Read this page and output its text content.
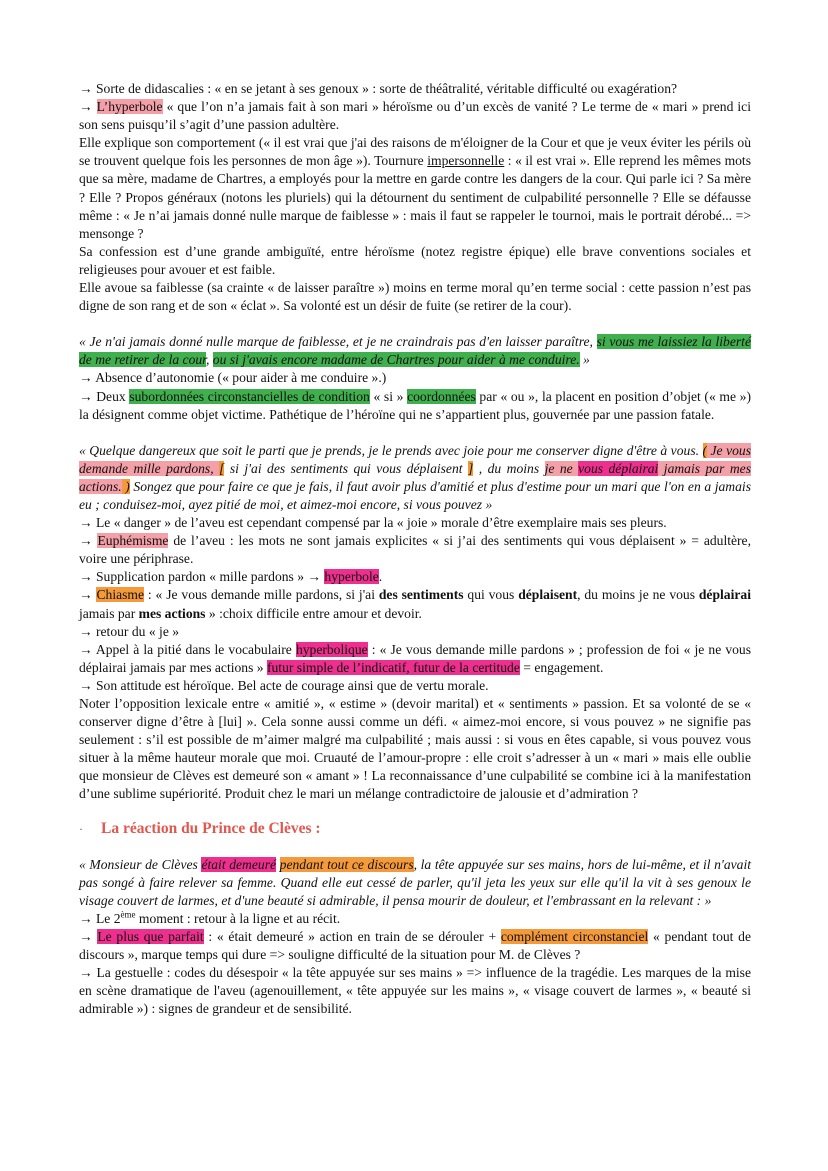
→ Sorte de didascalies : « en se jetant à ses genoux » : sorte de théâtralité, véritable difficulté ou exagération?

→ L’hyperbole « que l’on n’a jamais fait à son mari » héroïsme ou d’un excès de vanité ? Le terme de « mari » prend ici son sens puisqu’il s’agit d’une passion adultère.

Elle explique son comportement (« il est vrai que j'ai des raisons de m'éloigner de la Cour et que je veux éviter les périls où se trouvent quelque fois les personnes de mon âge »). Tournure impersonnelle : « il est vrai ». Elle reprend les mêmes mots que sa mère, madame de Chartres, a employés pour la mettre en garde contre les dangers de la cour. Qui parle ici ? Sa mère ? Elle ? Propos généraux (notons les pluriels) qui la détournent du sentiment de culpabilité personnelle ? Elle se défausse même : « Je n’ai jamais donné nulle marque de faiblesse » : mais il faut se rappeler le tournoi, mais le portrait dérobé... => mensonge ?

Sa confession est d’une grande ambiguïté, entre héroïsme (notez registre épique) elle brave conventions sociales et religieuses pour avouer et est faible.

Elle avoue sa faiblesse (sa crainte « de laisser paraître ») moins en terme moral qu’en terme social : cette passion n’est pas digne de son rang et de son « éclat ». Sa volonté est un désir de fuite (se retirer de la cour).

« Je n'ai jamais donné nulle marque de faiblesse, et je ne craindrais pas d'en laisser paraître, si vous me laissiez la liberté de me retirer de la cour, ou si j'avais encore madame de Chartres pour aider à me conduire. »

→ Absence d’autonomie (« pour aider à me conduire ».)

→ Deux subordonnées circonstancielles de condition « si » coordonnées par « ou », la placent en position d’objet (« me ») la désignent comme objet victime. Pathétique de l’héroïne qui ne s’appartient plus, gouvernée par une passion fatale.

« Quelque dangereux que soit le parti que je prends, je le prends avec joie pour me conserver digne d'être à vous. ( Je vous demande mille pardons, [ si j'ai des sentiments qui vous déplaisent ] , du moins je ne vous déplairai jamais par mes actions. ) Songez que pour faire ce que je fais, il faut avoir plus d'amitié et plus d'estime pour un mari que l'on en a jamais eu ; conduisez-moi, ayez pitié de moi, et aimez-moi encore, si vous pouvez »

→ Le « danger » de l’aveu est cependant compensé par la « joie » morale d’être exemplaire mais ses pleurs.

→ Euphémisme de l’aveu : les mots ne sont jamais explicites « si j’ai des sentiments qui vous déplaisent » = adultère, voire une périphrase.

→ Supplication pardon « mille pardons » → hyperbole.

→ Chiasme : « Je vous demande mille pardons, si j'ai des sentiments qui vous déplaisent, du moins je ne vous déplairai jamais par mes actions » :choix difficile entre amour et devoir.

→ retour du « je »

→ Appel à la pitié dans le vocabulaire hyperbolique : « Je vous demande mille pardons » ; profession de foi « je ne vous déplairai jamais par mes actions » futur simple de l’indicatif, futur de la certitude = engagement.

→ Son attitude est héroïque. Bel acte de courage ainsi que de vertu morale.

Noter l’opposition lexicale entre « amitié », « estime » (devoir marital) et « sentiments » passion. Et sa volonté de se « conserver digne d’être à [lui] ». Cela sonne aussi comme un défi. « aimez-moi encore, si vous pouvez » ne signifie pas seulement : s’il est possible de m’aimer malgré ma culpabilité ; mais aussi : si vous en êtes capable, si vous pouvez vous situer à la même hauteur morale que moi. Cruauté de l’amour-propre : elle croit s’adresser à un « mari » mais elle oublie que monsieur de Clèves est demeuré son « amant » ! La reconnaissance d’une culpabilité se combine ici à la manifestation d’une sublime supériorité. Produit chez le mari un mélange contradictoire de jalousie et d’admiration ?

· La réaction du Prince de Clèves :

« Monsieur de Clèves était demeuré pendant tout ce discours, la tête appuyée sur ses mains, hors de lui-même, et il n'avait pas songé à faire relever sa femme. Quand elle eut cessé de parler, qu'il jeta les yeux sur elle qu'il la vit à ses genoux le visage couvert de larmes, et d'une beauté si admirable, il pensa mourir de douleur, et l'embrassant en la relevant : »

→ Le 2ème moment : retour à la ligne et au récit.

→ Le plus que parfait : « était demeuré » action en train de se dérouler + complément circonstanciel « pendant tout de discours », marque temps qui dure => souligne difficulté de la situation pour M. de Clèves ?

→ La gestuelle : codes du désespoir « la tête appuyée sur ses mains » => influence de la tragédie. Les marques de la mise en scène dramatique de l'aveu (agenouillement, « tête appuyée sur les mains », « visage couvert de larmes », « beauté si admirable ») : signes de grandeur et de sensibilité.
